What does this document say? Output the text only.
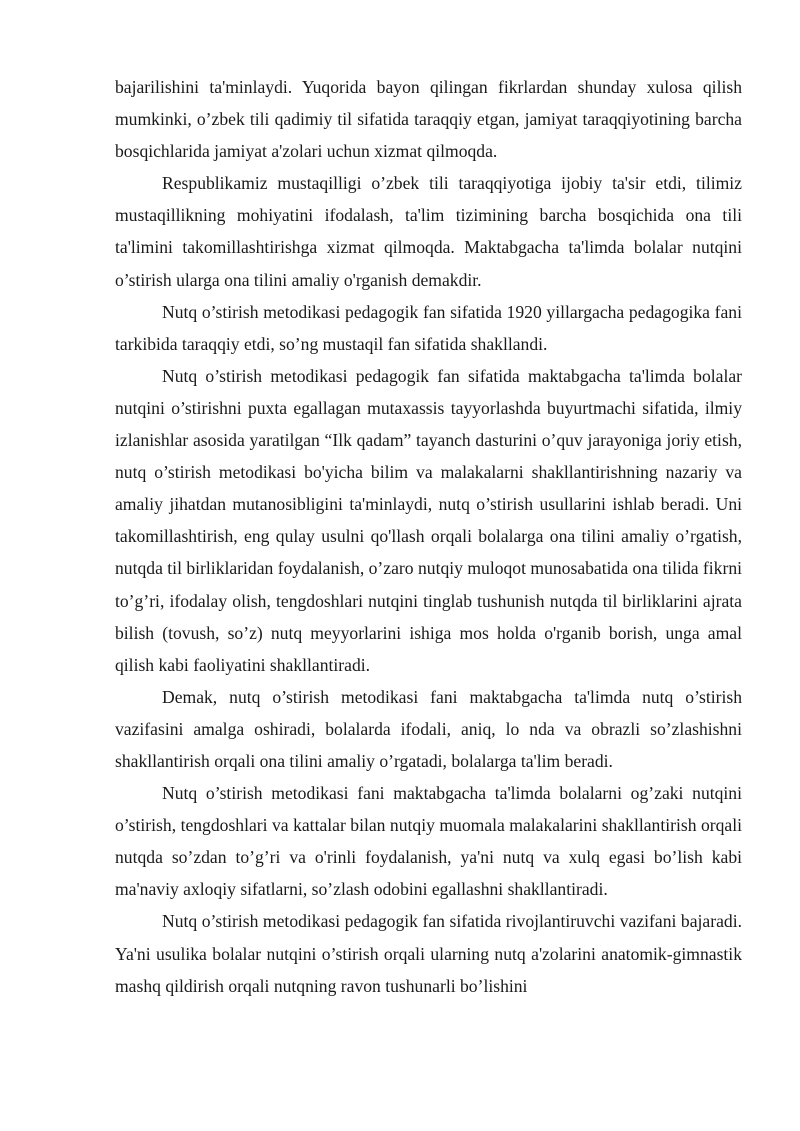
bajarilishini ta'minlaydi. Yuqorida bayon qilingan fikrlardan shunday xulosa qilish mumkinki, o’zbek tili qadimiy til sifatida taraqqiy etgan, jamiyat taraqqiyotining barcha bosqichlarida jamiyat a'zolari uchun xizmat qilmoqda.

Respublikamiz mustaqilligi o’zbek tili taraqqiyotiga ijobiy ta'sir etdi, tilimiz mustaqillikning mohiyatini ifodalash, ta'lim tizimining barcha bosqichida ona tili ta'limini takomillashtirishga xizmat qilmoqda. Maktabgacha ta'limda bolalar nutqini o’stirish ularga ona tilini amaliy o'rganish demakdir.

Nutq o’stirish metodikasi pedagogik fan sifatida 1920 yillargacha pedagogika fani tarkibida taraqqiy etdi, so’ng mustaqil fan sifatida shakllandi.

Nutq o’stirish metodikasi pedagogik fan sifatida maktabgacha ta'limda bolalar nutqini o’stirishni puxta egallagan mutaxassis tayyorlashda buyurtmachi sifatida, ilmiy izlanishlar asosida yaratilgan “Ilk qadam” tayanch dasturini o’quv jarayoniga joriy etish, nutq o’stirish metodikasi bo'yicha bilim va malakalarni shakllantirishning nazariy va amaliy jihatdan mutanosibligini ta'minlaydi, nutq o’stirish usullarini ishlab beradi. Uni takomillashtirish, eng qulay usulni qo'llash orqali bolalarga ona tilini amaliy o’rgatish, nutqda til birliklaridan foydalanish, o’zaro nutqiy muloqot munosabatida ona tilida fikrni to’g’ri, ifodalay olish, tengdoshlari nutqini tinglab tushunish nutqda til birliklarini ajrata bilish (tovush, so’z) nutq meyyorlarini ishiga mos holda o'rganib borish, unga amal qilish kabi faoliyatini shakllantiradi.

Demak, nutq o’stirish metodikasi fani maktabgacha ta'limda nutq o’stirish vazifasini amalga oshiradi, bolalarda ifodali, aniq, lo nda va obrazli so’zlashishni shakllantirish orqali ona tilini amaliy o’rgatadi, bolalarga ta'lim beradi.

Nutq o’stirish metodikasi fani maktabgacha ta'limda bolalarni og’zaki nutqini o’stirish, tengdoshlari va kattalar bilan nutqiy muomala malakalarini shakllantirish orqali nutqda so’zdan to’g’ri va o'rinli foydalanish, ya'ni nutq va xulq egasi bo’lish kabi ma'naviy axloqiy sifatlarni, so’zlash odobini egallashni shakllantiradi.

Nutq o’stirish metodikasi pedagogik fan sifatida rivojlantiruvchi vazifani bajaradi. Ya'ni usulika bolalar nutqini o’stirish orqali ularning nutq a'zolarini anatomik-gimnastik mashq qildirish orqali nutqning ravon tushunarli bo’lishini
